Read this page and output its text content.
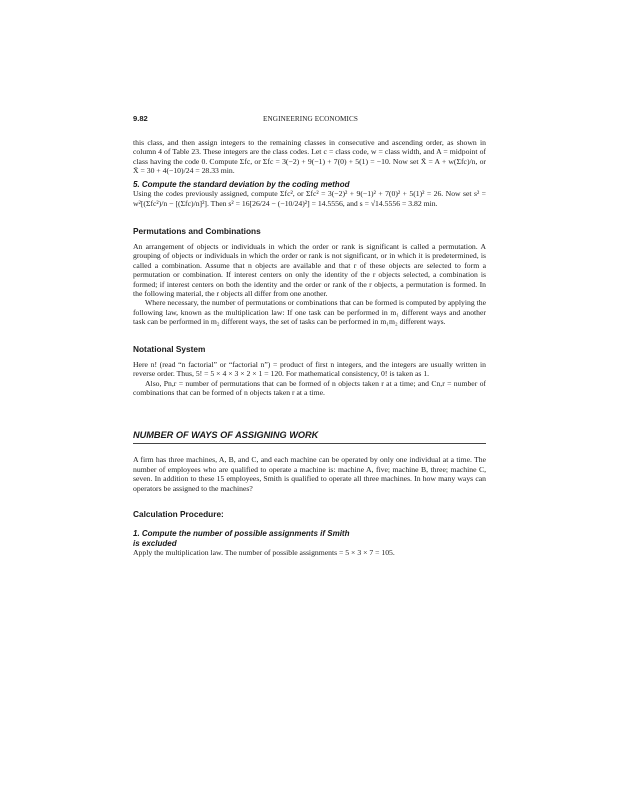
9.82	ENGINEERING ECONOMICS

this class, and then assign integers to the remaining classes in consecutive and ascending order, as shown in column 4 of Table 23. These integers are the class codes. Let c = class code, w = class width, and A = midpoint of class having the code 0. Compute Σfc, or Σfc = 3(−2) + 9(−1) + 7(0) + 5(1) = −10. Now set X̄ = A + w(Σfc)/n, or X̄ = 30 + 4(−10)/24 = 28.33 min.

5. Compute the standard deviation by the coding method

Using the codes previously assigned, compute Σfc², or Σfc² = 3(−2)² + 9(−1)² + 7(0)² + 5(1)² = 26. Now set s² = w²[(Σfc²)/n − [(Σfc)/n]²]. Then s² = 16[26/24 − (−10/24)²] = 14.5556, and s = √14.5556 = 3.82 min.

Permutations and Combinations

An arrangement of objects or individuals in which the order or rank is significant is called a permutation. A grouping of objects or individuals in which the order or rank is not significant, or in which it is predetermined, is called a combination. Assume that n objects are available and that r of these objects are selected to form a permutation or combination. If interest centers on only the identity of the r objects selected, a combination is formed; if interest centers on both the identity and the order or rank of the r objects, a permutation is formed. In the following material, the r objects all differ from one another.

Where necessary, the number of permutations or combinations that can be formed is computed by applying the following law, known as the multiplication law: If one task can be performed in m₁ different ways and another task can be performed in m₂ different ways, the set of tasks can be performed in m₁m₂ different ways.

Notational System

Here n! (read “n factorial” or “factorial n”) = product of first n integers, and the integers are usually written in reverse order. Thus, 5! = 5 × 4 × 3 × 2 × 1 = 120. For mathematical consistency, 0! is taken as 1.

Also, Pn,r = number of permutations that can be formed of n objects taken r at a time; and Cn,r = number of combinations that can be formed of n objects taken r at a time.

NUMBER OF WAYS OF ASSIGNING WORK

A firm has three machines, A, B, and C, and each machine can be operated by only one individual at a time. The number of employees who are qualified to operate a machine is: machine A, five; machine B, three; machine C, seven. In addition to these 15 employees, Smith is qualified to operate all three machines. In how many ways can operators be assigned to the machines?

Calculation Procedure:

1. Compute the number of possible assignments if Smith

is excluded

Apply the multiplication law. The number of possible assignments = 5 × 3 × 7 = 105.
